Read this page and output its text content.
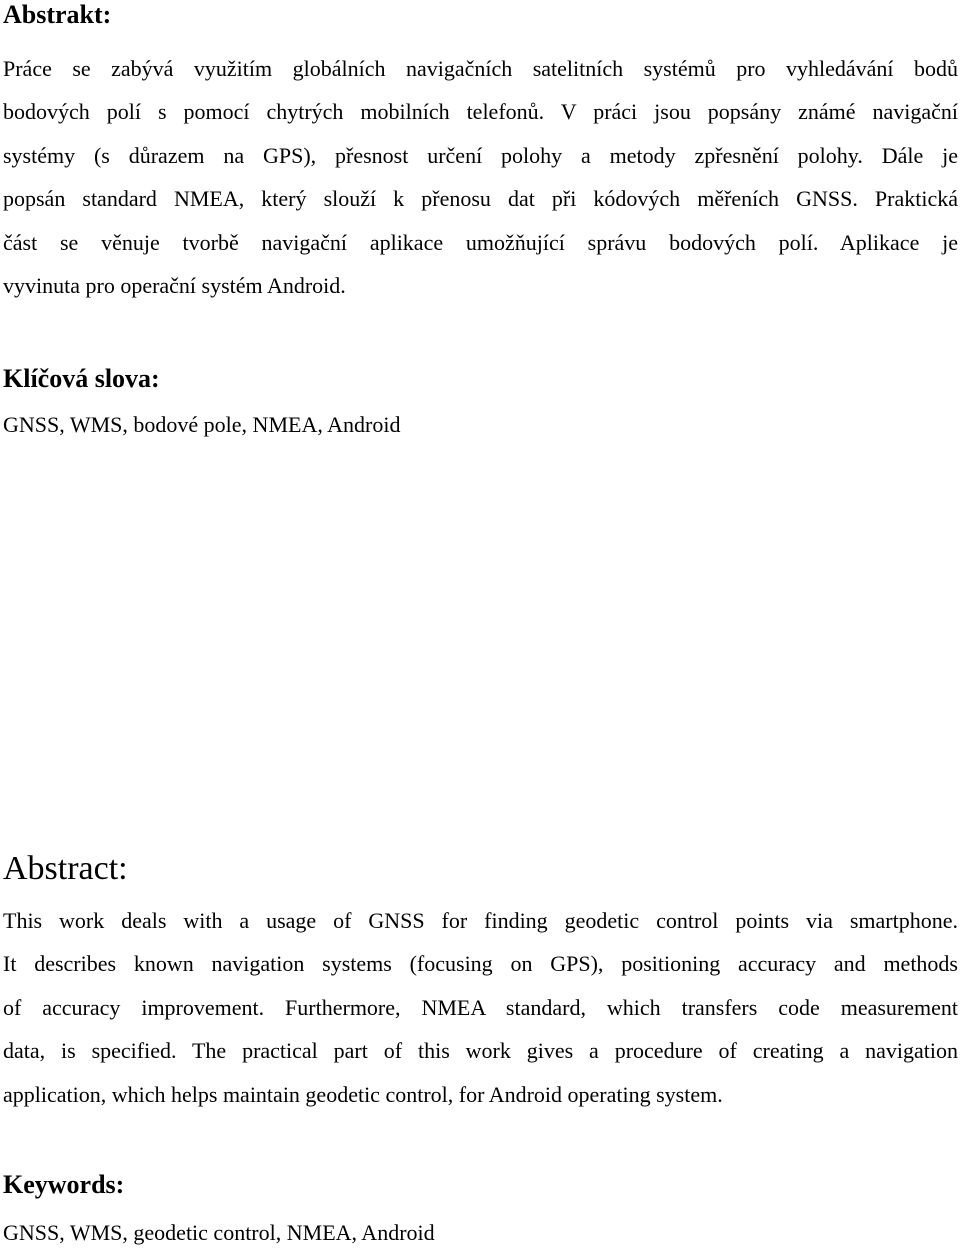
Abstrakt:
Práce se zabývá využitím globálních navigačních satelitních systémů pro vyhledávání bodů
bodových polí s pomocí chytrých mobilních telefonů. V práci jsou popsány známé navigační
systémy (s důrazem na GPS), přesnost určení polohy a metody zpřesnění polohy. Dále je
popsán standard NMEA, který slouží k přenosu dat při kódových měřeních GNSS. Praktická
část se věnuje tvorbě navigační aplikace umožňující správu bodových polí. Aplikace je
vyvinuta pro operační systém Android.
Klíčová slova:

GNSS, WMS, bodové pole, NMEA, Android

Abstract:
This work deals with a usage of GNSS for finding geodetic control points via smartphone.
It describes known navigation systems (focusing on GPS), positioning accuracy and methods
of accuracy improvement. Furthermore, NMEA standard, which transfers code measurement
data, is specified. The practical part of this work gives a procedure of creating a navigation
application, which helps maintain geodetic control, for Android operating system.
Keywords:

GNSS, WMS, geodetic control, NMEA, Android
